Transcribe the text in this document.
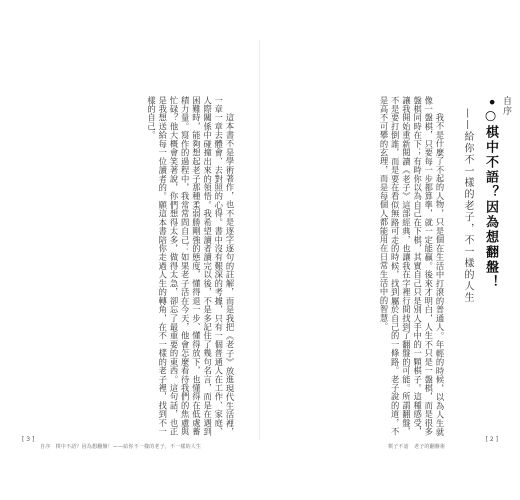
自序
•○棋中不語？因為想翻盤！
——給你不一樣的老子，不一樣的人生

我不是什麼了不起的人物，只是個在生活中打滾的普通人。年輕的時候，以為人生就像一盤棋，只要每一步都算準，就一定能贏。後來才明白，人生不只是一盤棋，而是很多盤棋同時在下；有時你以為自己在下棋，其實自己只是別人手中的一顆棋子。這種感受，讓我開始重新閱讀《老子》這部經典，也讓我在字裡行間找到了翻盤的可能。所謂翻盤，不是要打倒誰，而是要在看似無路可走的時候，找到屬於自己的一條路。老子說的道，不是高不可攀的玄理，而是每個人都能用在日常生活中的智慧。

棋子不語　老子的翻盤術
[ 2 ]

這本書不是學術著作，也不是逐字逐句的註解，而是我把《老子》放進現代生活裡，一章一章去體會、去對照的心得。書中沒有艱深的考據，只有一個普通人在工作、家庭、人際關係中碰撞出來的領悟。我希望讀者讀完以後，不是多記住了幾句名言，而是在遇到困難時，能夠想起老子那種柔弱勝剛強的態度，懂得退一步、懂得放下，也懂得在低處蓄積力量。寫作的過程中，我常常問自己：如果老子活在今天，他會怎麼看待我們的焦慮與忙碌？他大概會笑著說，你們想得太多，做得太急，卻忘了最重要的東西。這句話，也正是我想送給每一位讀者的。願這本書陪你走過人生的轉角，在不一樣的老子裡，找到不一樣的自己。

[ 3 ]
自序　棋中不語？因為想翻盤！——給你不一樣的老子，不一樣的人生
